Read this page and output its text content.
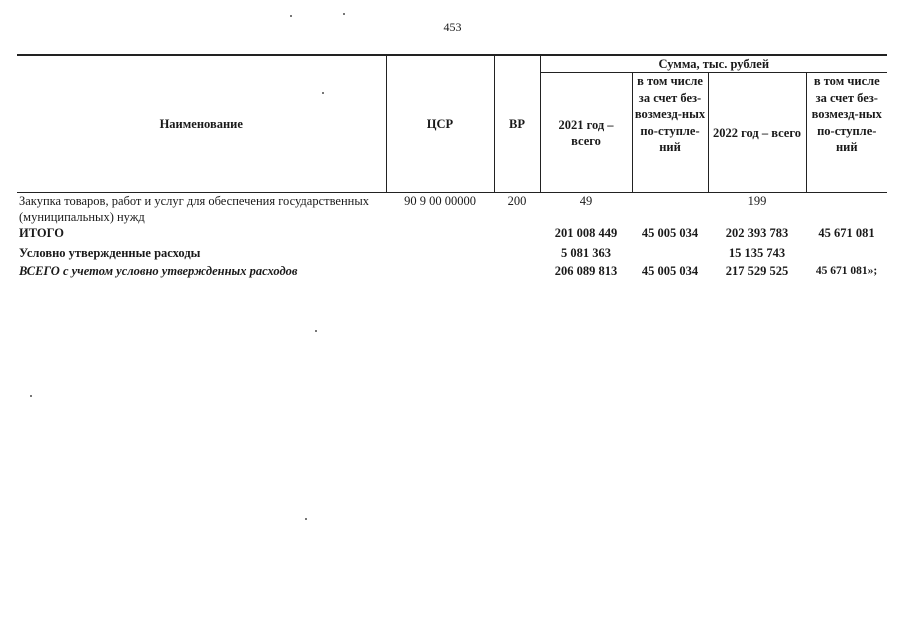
453
Наименование	ЦСР	ВР	Сумма, тыс. рублей			
			2021 год – всего	в том числе за счет без-возмезд-ных по-ступле-ний	2022 год – всего	в том числе за счет без-возмезд-ных по-ступле-ний
Закупка товаров, работ и услуг для обеспечения государственных (муниципальных) нужд	90 9 00 00000	200	49		199	
ИТОГО			201 008 449	45 005 034	202 393 783	45 671 081
Условно утвержденные расходы			5 081 363		15 135 743	
ВСЕГО с учетом условно утвержденных расходов			206 089 813	45 005 034	217 529 525	45 671 081»;
